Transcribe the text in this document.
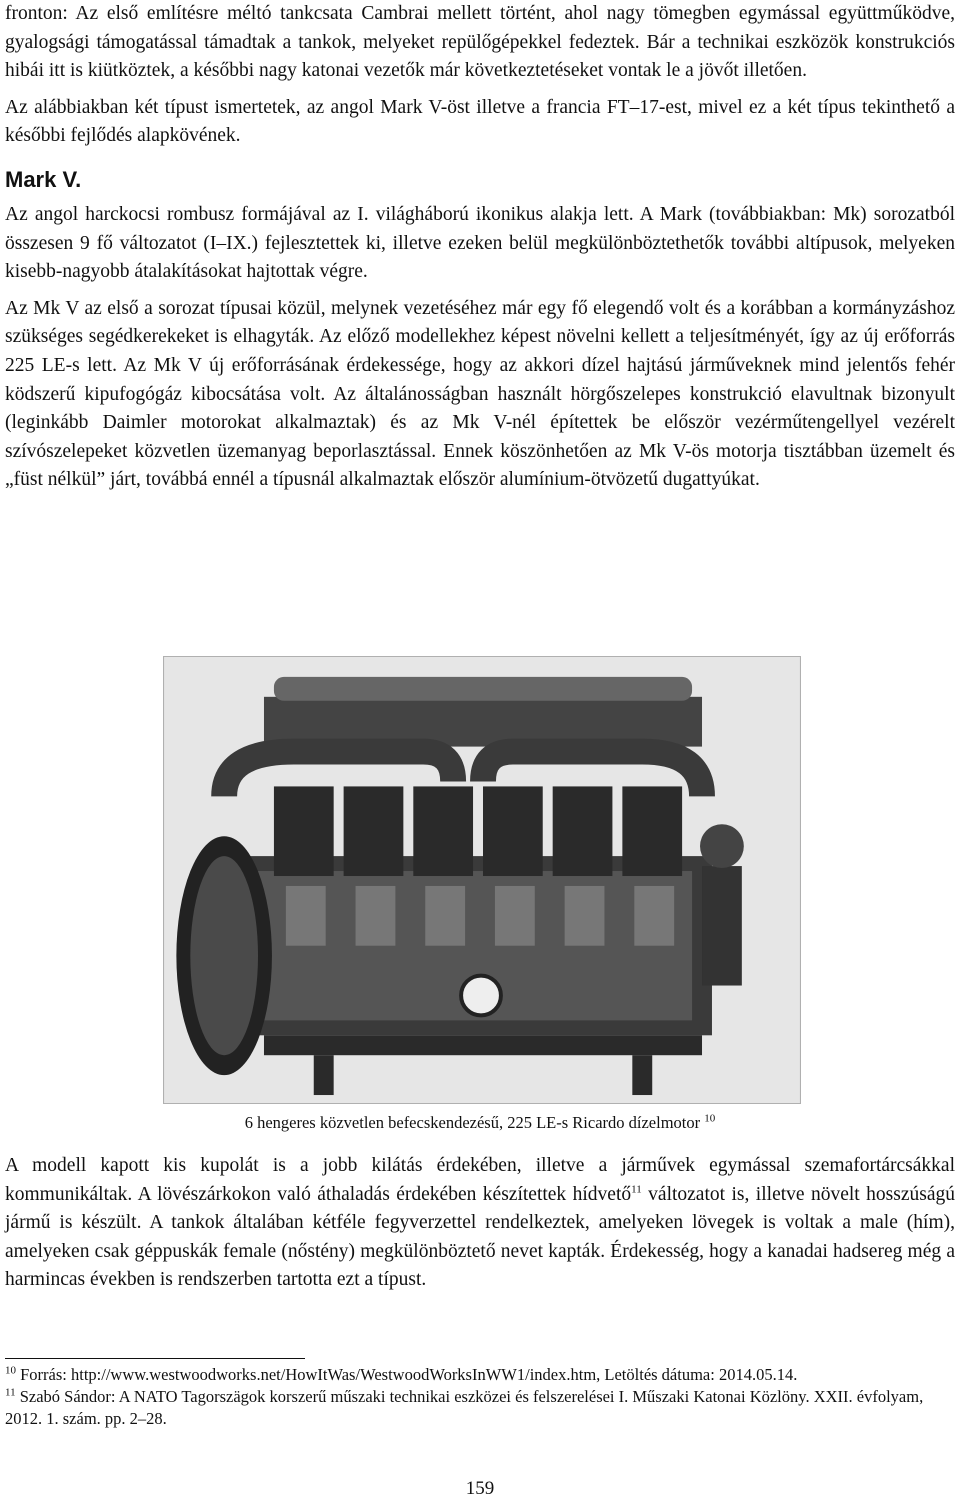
fronton: Az első említésre méltó tankcsata Cambrai mellett történt, ahol nagy tömegben egymással együttműködve, gyalogsági támogatással támadtak a tankok, melyeket repülőgépekkel fedeztek. Bár a technikai eszközök konstrukciós hibái itt is kiütköztek, a későbbi nagy katonai vezetők már következtetéseket vontak le a jövőt illetően.

Az alábbiakban két típust ismertetek, az angol Mark V-öst illetve a francia FT–17-est, mivel ez a két típus tekinthető a későbbi fejlődés alapkövének.

Mark V.

Az angol harckocsi rombusz formájával az I. világháború ikonikus alakja lett. A Mark (továbbiakban: Mk) sorozatból összesen 9 fő változatot (I–IX.) fejlesztettek ki, illetve ezeken belül megkülönböztethetők további altípusok, melyeken kisebb-nagyobb átalakításokat hajtottak végre.

Az Mk V az első a sorozat típusai közül, melynek vezetéséhez már egy fő elegendő volt és a korábban a kormányzáshoz szükséges segédkerekeket is elhagyták. Az előző modellekhez képest növelni kellett a teljesítményét, így az új erőforrás 225 LE-s lett. Az Mk V új erőforrásának érdekessége, hogy az akkori dízel hajtású járműveknek mind jelentős fehér ködszerű kipufogógáz kibocsátása volt. Az általánosságban használt hörgőszelepes konstrukció elavultnak bizonyult (leginkább Daimler motorokat alkalmaztak) és az Mk V-nél építettek be először vezérműtengellyel vezérelt szívószelepeket közvetlen üzemanyag beporlasztással. Ennek köszönhetően az Mk V-ös motorja tisztábban üzemelt és „füst nélkül” járt, továbbá ennél a típusnál alkalmaztak először alumínium-ötvözetű dugattyúkat.

6 hengeres közvetlen befecskendezésű, 225 LE-s Ricardo dízelmotor $^{10}$

A modell kapott kis kupolát is a jobb kilátás érdekében, illetve a járművek egymással szemafortárcsákkal kommunikáltak. A lövészárkokon való áthaladás érdekében készítettek hídvető$^{11}$ változatot is, illetve növelt hosszúságú jármű is készült. A tankok általában kétféle fegyverzettel rendelkeztek, amelyeken lövegek is voltak a male (hím), amelyeken csak géppuskák female (nőstény) megkülönböztető nevet kapták. Érdekesség, hogy a kanadai hadsereg még a harmincas években is rendszerben tartotta ezt a típust.

$^{10}$ Forrás: http://www.westwoodworks.net/HowItWas/WestwoodWorksInWW1/index.htm, Letöltés dátuma: 2014.05.14.

$^{11}$ Szabó Sándor: A NATO Tagorszägok korszerű műszaki technikai eszközei és felszerelései I. Műszaki Katonai Közlöny. XXII. évfolyam, 2012. 1. szám. pp. 2–28.

159
